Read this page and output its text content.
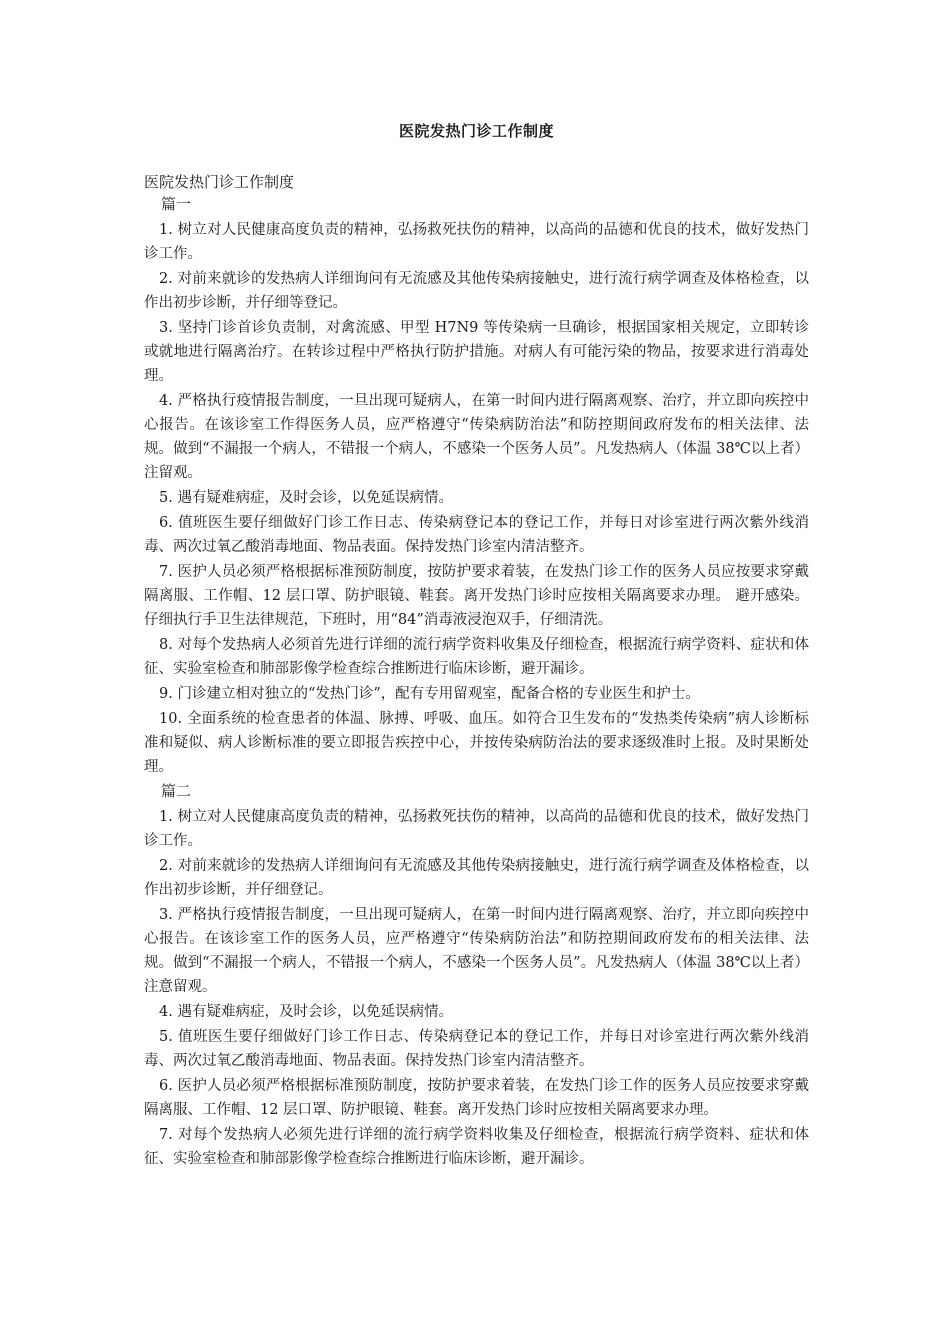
医院发热门诊工作制度

医院发热门诊工作制度

篇一

1. 树立对人民健康高度负责的精神，弘扬救死扶伤的精神，以高尚的品德和优良的技术，做好发热门诊工作。

2. 对前来就诊的发热病人详细询问有无流感及其他传染病接触史，进行流行病学调查及体格检查，以作出初步诊断，并仔细等登记。

3. 坚持门诊首诊负责制，对禽流感、甲型 H7N9 等传染病一旦确诊，根据国家相关规定，立即转诊或就地进行隔离治疗。在转诊过程中严格执行防护措施。对病人有可能污染的物品，按要求进行消毒处理。

4. 严格执行疫情报告制度，一旦出现可疑病人，在第一时间内进行隔离观察、治疗，并立即向疾控中心报告。在该诊室工作得医务人员，应严格遵守“传染病防治法”和防控期间政府发布的相关法律、法规。做到“不漏报一个病人，不错报一个病人，不感染一个医务人员”。凡发热病人（体温 38℃以上者）注留观。

5. 遇有疑难病症，及时会诊，以免延误病情。

6. 值班医生要仔细做好门诊工作日志、传染病登记本的登记工作，并每日对诊室进行两次紫外线消毒、两次过氧乙酸消毒地面、物品表面。保持发热门诊室内清洁整齐。

7. 医护人员必须严格根据标准预防制度，按防护要求着装，在发热门诊工作的医务人员应按要求穿戴隔离服、工作帽、12 层口罩、防护眼镜、鞋套。离开发热门诊时应按相关隔离要求办理。 避开感染。仔细执行手卫生法律规范，下班时，用“84”消毒液浸泡双手，仔细清洗。

8. 对每个发热病人必须首先进行详细的流行病学资料收集及仔细检查，根据流行病学资料、症状和体征、实验室检查和肺部影像学检查综合推断进行临床诊断，避开漏诊。

9. 门诊建立相对独立的“发热门诊”，配有专用留观室，配备合格的专业医生和护士。

10. 全面系统的检查患者的体温、脉搏、呼吸、血压。如符合卫生发布的“发热类传染病”病人诊断标准和疑似、病人诊断标准的要立即报告疾控中心，并按传染病防治法的要求逐级准时上报。及时果断处理。

篇二

1. 树立对人民健康高度负责的精神，弘扬救死扶伤的精神，以高尚的品德和优良的技术，做好发热门诊工作。

2. 对前来就诊的发热病人详细询问有无流感及其他传染病接触史，进行流行病学调查及体格检查，以作出初步诊断，并仔细登记。

3. 严格执行疫情报告制度，一旦出现可疑病人，在第一时间内进行隔离观察、治疗，并立即向疾控中心报告。在该诊室工作的医务人员，应严格遵守“传染病防治法”和防控期间政府发布的相关法律、法规。做到“不漏报一个病人，不错报一个病人，不感染一个医务人员”。凡发热病人（体温 38℃以上者）注意留观。

4. 遇有疑难病症，及时会诊，以免延误病情。

5. 值班医生要仔细做好门诊工作日志、传染病登记本的登记工作，并每日对诊室进行两次紫外线消毒、两次过氧乙酸消毒地面、物品表面。保持发热门诊室内清洁整齐。

6. 医护人员必须严格根据标准预防制度，按防护要求着装，在发热门诊工作的医务人员应按要求穿戴隔离服、工作帽、12 层口罩、防护眼镜、鞋套。离开发热门诊时应按相关隔离要求办理。

7. 对每个发热病人必须先进行详细的流行病学资料收集及仔细检查，根据流行病学资料、症状和体征、实验室检查和肺部影像学检查综合推断进行临床诊断，避开漏诊。
